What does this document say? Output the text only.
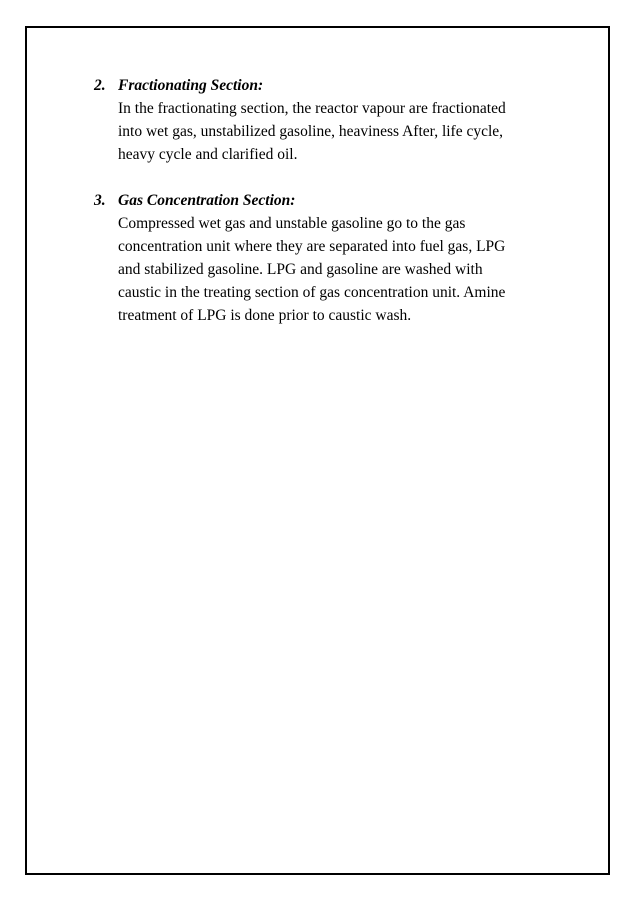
2. Fractionating Section:
In the fractionating section, the reactor vapour are fractionated
into wet gas, unstabilized gasoline, heaviness After, life cycle,
heavy cycle and clarified oil.
3. Gas Concentration Section:
Compressed wet gas and unstable gasoline go to the gas
concentration unit where they are separated into fuel gas, LPG
and stabilized gasoline. LPG and gasoline are washed with
caustic in the treating section of gas concentration unit. Amine
treatment of LPG is done prior to caustic wash.
